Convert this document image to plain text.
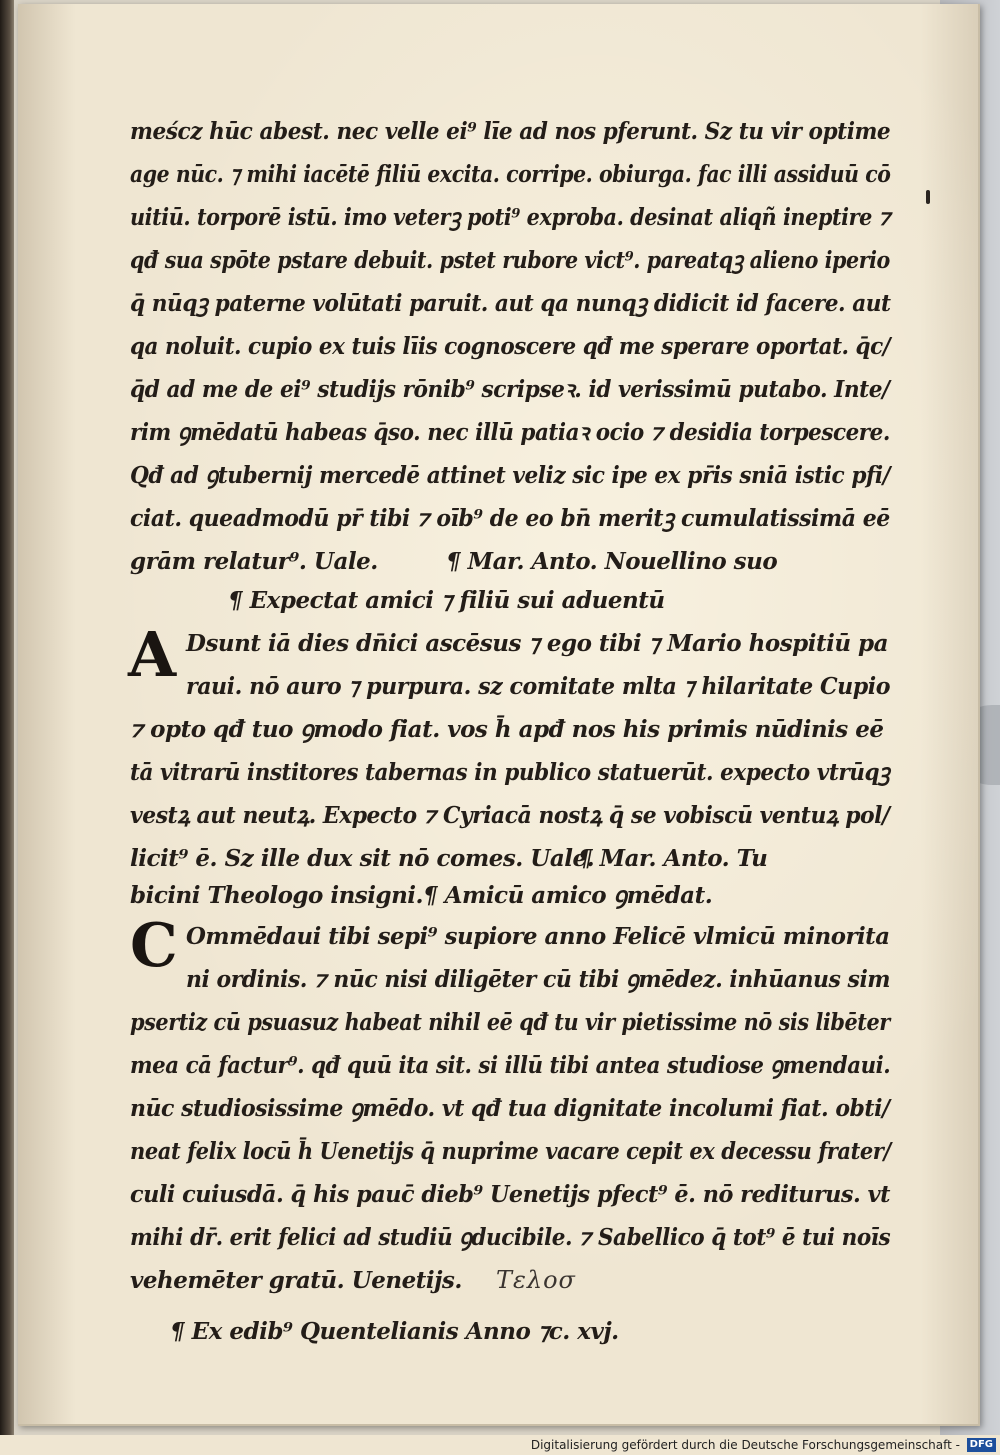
meścz hūc abest. nec velle ei⁹ līe ad nos pferunt. Sz tu vir optime
age nūc. ⁊ mihi iacētē filiū excita. corripe. obiurga. fac illi assiduū cō
uitiū. torporē istū. imo veterꝫ poti⁹ exproba. desinat aliqñ ineptire ⁊
qđ sua spōte pstare debuit. pstet rubore vict⁹. pareatqꝫ alieno iperio
q̄ nūqꝫ paterne volūtati paruit. aut qa nunqꝫ didicit id facere. aut
qa noluit. cupio ex tuis līis cognoscere qđ me sperare oportat. q̄c/
q̄d ad me de ei⁹ studijs rōnib⁹ scripseꝛ. id verissimū putabo. Inte/
rim ꝯmēdatū habeas q̄so. nec illū patiaꝛ ocio ⁊ desidia torpescere.
Qđ ad ꝯtubernij mercedē attinet veliz sic ipe ex pr̄is sniā istic pfi/
ciat. queadmodū pr̄ tibi ⁊ oīb⁹ de eo bn̄ meritꝫ cumulatissimā eē
grām relatur⁹. Uale.	¶ Mar. Anto. Nouellino suo
¶ Expectat amici ⁊ filiū sui aduentū
A Dsunt iā dies dn̄ici ascēsus ⁊ ego tibi ⁊ Mario hospitiū pa
raui. nō auro ⁊ purpura. sz comitate mlta ⁊ hilaritate Cupio
⁊ opto qđ tuo ꝯmodo fiat. vos h̄ apđ nos his primis nūdinis eē
tā vitrarū institores tabernas in publico statuerūt. expecto vtrūqꝫ
vestꝝ aut neutꝝ. Expecto ⁊ Cyriacā nostꝝ q̄ se vobiscū ventuꝝ pol/
licit⁹ ē. Sz ille dux sit nō comes. Uale.
¶ Mar. Anto. Tu
bicini Theologo insigni. ¶ Amicū amico ꝯmēdat.
C Ommēdaui tibi sepi⁹ supiore anno Felicē vlmicū minorita
ni ordinis. ⁊ nūc nisi diligēter cū tibi ꝯmēdez. inhūanus sim
psertiz cū psuasuz habeat nihil eē qđ tu vir pietissime nō sis libēter
mea cā factur⁹. qđ quū ita sit. si illū tibi antea studiose ꝯmendaui.
nūc studiosissime ꝯmēdo. vt qđ tua dignitate incolumi fiat. obti/
neat felix locū h̄ Uenetijs q̄ nuprime vacare cepit ex decessu frater/
culi cuiusdā. q̄ his pauc̄ dieb⁹ Uenetijs pfect⁹ ē. nō rediturus. vt
mihi dr̄. erit felici ad studiū ꝯducibile. ⁊ Sabellico q̄ tot⁹ ē tui noīs
vehemēter gratū. Uenetijs. Τελοσ
¶ Ex edib⁹ Quentelianis Anno ⁊c. xvj.
Digitalisierung gefördert durch die Deutsche Forschungsgemeinschaft - DFG
